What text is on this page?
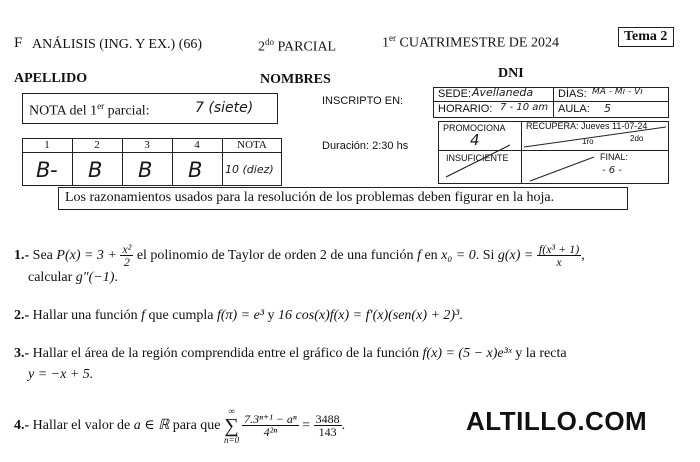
F ANÁLISIS (ING. Y EX.) (66)	$2^{do}$ PARCIAL	1er CUATRIMESTRE DE 2024	Tema 2
APELLIDO	NOMBRES	DNI
NOTA del 1er parcial:	7 (siete)	INSCRIPTO EN:
Duración: 2:30 hs
SEDE: Avellaneda DÍAS: MA - Mi - Vi
HORARIO: 7 - 10 am AULA: 5
PROMOCIONA
4
RECUPERA: Jueves 11-07-24
1ro	2do
INSUFICIENTE	FINAL:
- 6 -
1	2	3	4	NOTA
B- B B B 10 (diez)
Los razonamientos usados para la resolución de los problemas deben figurar en la hoja.
1.- Sea $P(x) = 3 + \frac{\text{x²}}{2}$ el polinomio de Taylor de orden 2 de una función f en x₀ = 0. Si $g(x) = \frac{\text{f(x³ + 1)}}{x}$ ,
calcular g″(−1).
2.- Hallar una función f que cumpla f(π) = e³ y 16 cos(x)f(x) = f′(x)(sen(x) + 2)³.
3.- Hallar el área de la región comprendida entre el gráfico de la función f(x) = (5 − x)e³ˣ y la recta
y = −x + 5.
4.- Hallar el valor de a ∈ ℝ para que
∞
∑
n=0
$\frac{\text{7.3ⁿ⁺¹ − aⁿ}}{\text{4²ⁿ}} = \frac{3488}{143}$ .	ALTILLO.COM
